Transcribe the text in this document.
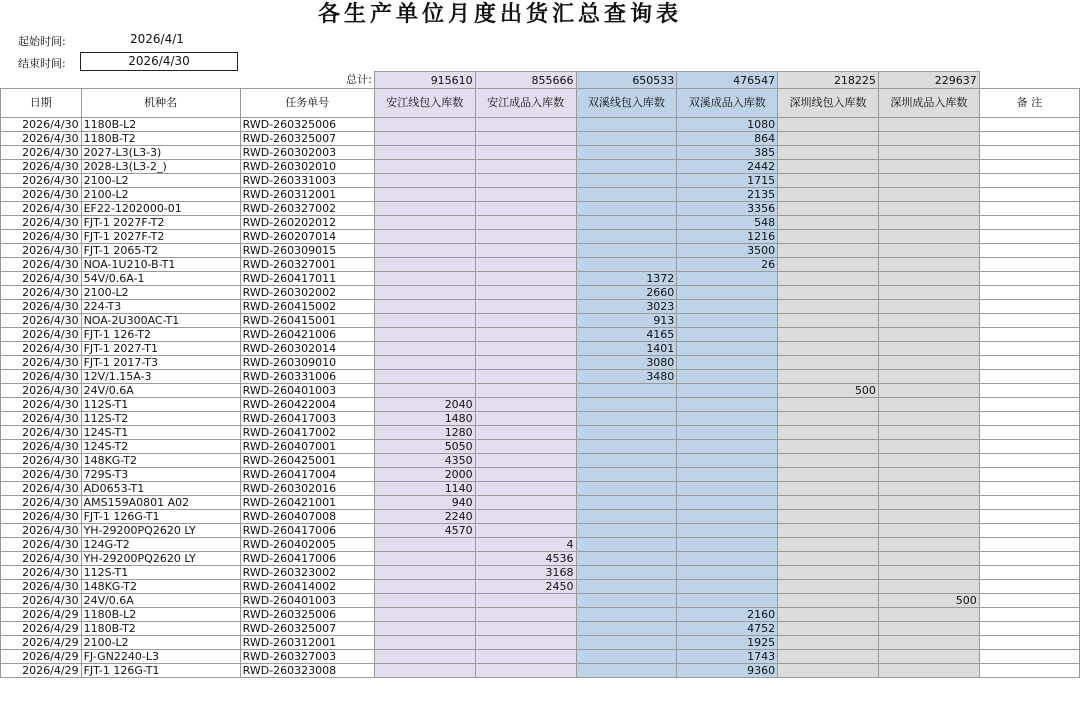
各生产单位月度出货汇总查询表
起始时间:	2026/4/1
结束时间:	2026/4/30
		总计:	915610	855666	650533	476547	218225	229637	
日期	机种名	任务单号	安江线包入库数	安江成品入库数	双溪线包入库数	双溪成品入库数	深圳线包入库数	深圳成品入库数	备 注
2026/4/30	1180B-L2	RWD-260325006				1080			
2026/4/30	1180B-T2	RWD-260325007				864			
2026/4/30	2027-L3(L3-3)	RWD-260302003				385			
2026/4/30	2028-L3(L3-2_)	RWD-260302010				2442			
2026/4/30	2100-L2	RWD-260331003				1715			
2026/4/30	2100-L2	RWD-260312001				2135			
2026/4/30	EF22-1202000-01	RWD-260327002				3356			
2026/4/30	FJT-1 2027F-T2	RWD-260202012				548			
2026/4/30	FJT-1 2027F-T2	RWD-260207014				1216			
2026/4/30	FJT-1 2065-T2	RWD-260309015				3500			
2026/4/30	NOA-1U210-B-T1	RWD-260327001				26			
2026/4/30	54V/0.6A-1	RWD-260417011			1372				
2026/4/30	2100-L2	RWD-260302002			2660				
2026/4/30	224-T3	RWD-260415002			3023				
2026/4/30	NOA-2U300AC-T1	RWD-260415001			913				
2026/4/30	FJT-1 126-T2	RWD-260421006			4165				
2026/4/30	FJT-1 2027-T1	RWD-260302014			1401				
2026/4/30	FJT-1 2017-T3	RWD-260309010			3080				
2026/4/30	12V/1.15A-3	RWD-260331006			3480				
2026/4/30	24V/0.6A	RWD-260401003					500		
2026/4/30	112S-T1	RWD-260422004	2040						
2026/4/30	112S-T2	RWD-260417003	1480						
2026/4/30	124S-T1	RWD-260417002	1280						
2026/4/30	124S-T2	RWD-260407001	5050						
2026/4/30	148KG-T2	RWD-260425001	4350						
2026/4/30	729S-T3	RWD-260417004	2000						
2026/4/30	AD0653-T1	RWD-260302016	1140						
2026/4/30	AMS159A0801 A02	RWD-260421001	940						
2026/4/30	FJT-1 126G-T1	RWD-260407008	2240						
2026/4/30	YH-29200PQ2620 LY	RWD-260417006	4570						
2026/4/30	124G-T2	RWD-260402005		4					
2026/4/30	YH-29200PQ2620 LY	RWD-260417006		4536					
2026/4/30	112S-T1	RWD-260323002		3168					
2026/4/30	148KG-T2	RWD-260414002		2450					
2026/4/30	24V/0.6A	RWD-260401003						500	
2026/4/29	1180B-L2	RWD-260325006				2160			
2026/4/29	1180B-T2	RWD-260325007				4752			
2026/4/29	2100-L2	RWD-260312001				1925			
2026/4/29	FJ-GN2240-L3	RWD-260327003				1743			
2026/4/29	FJT-1 126G-T1	RWD-260323008				9360			
